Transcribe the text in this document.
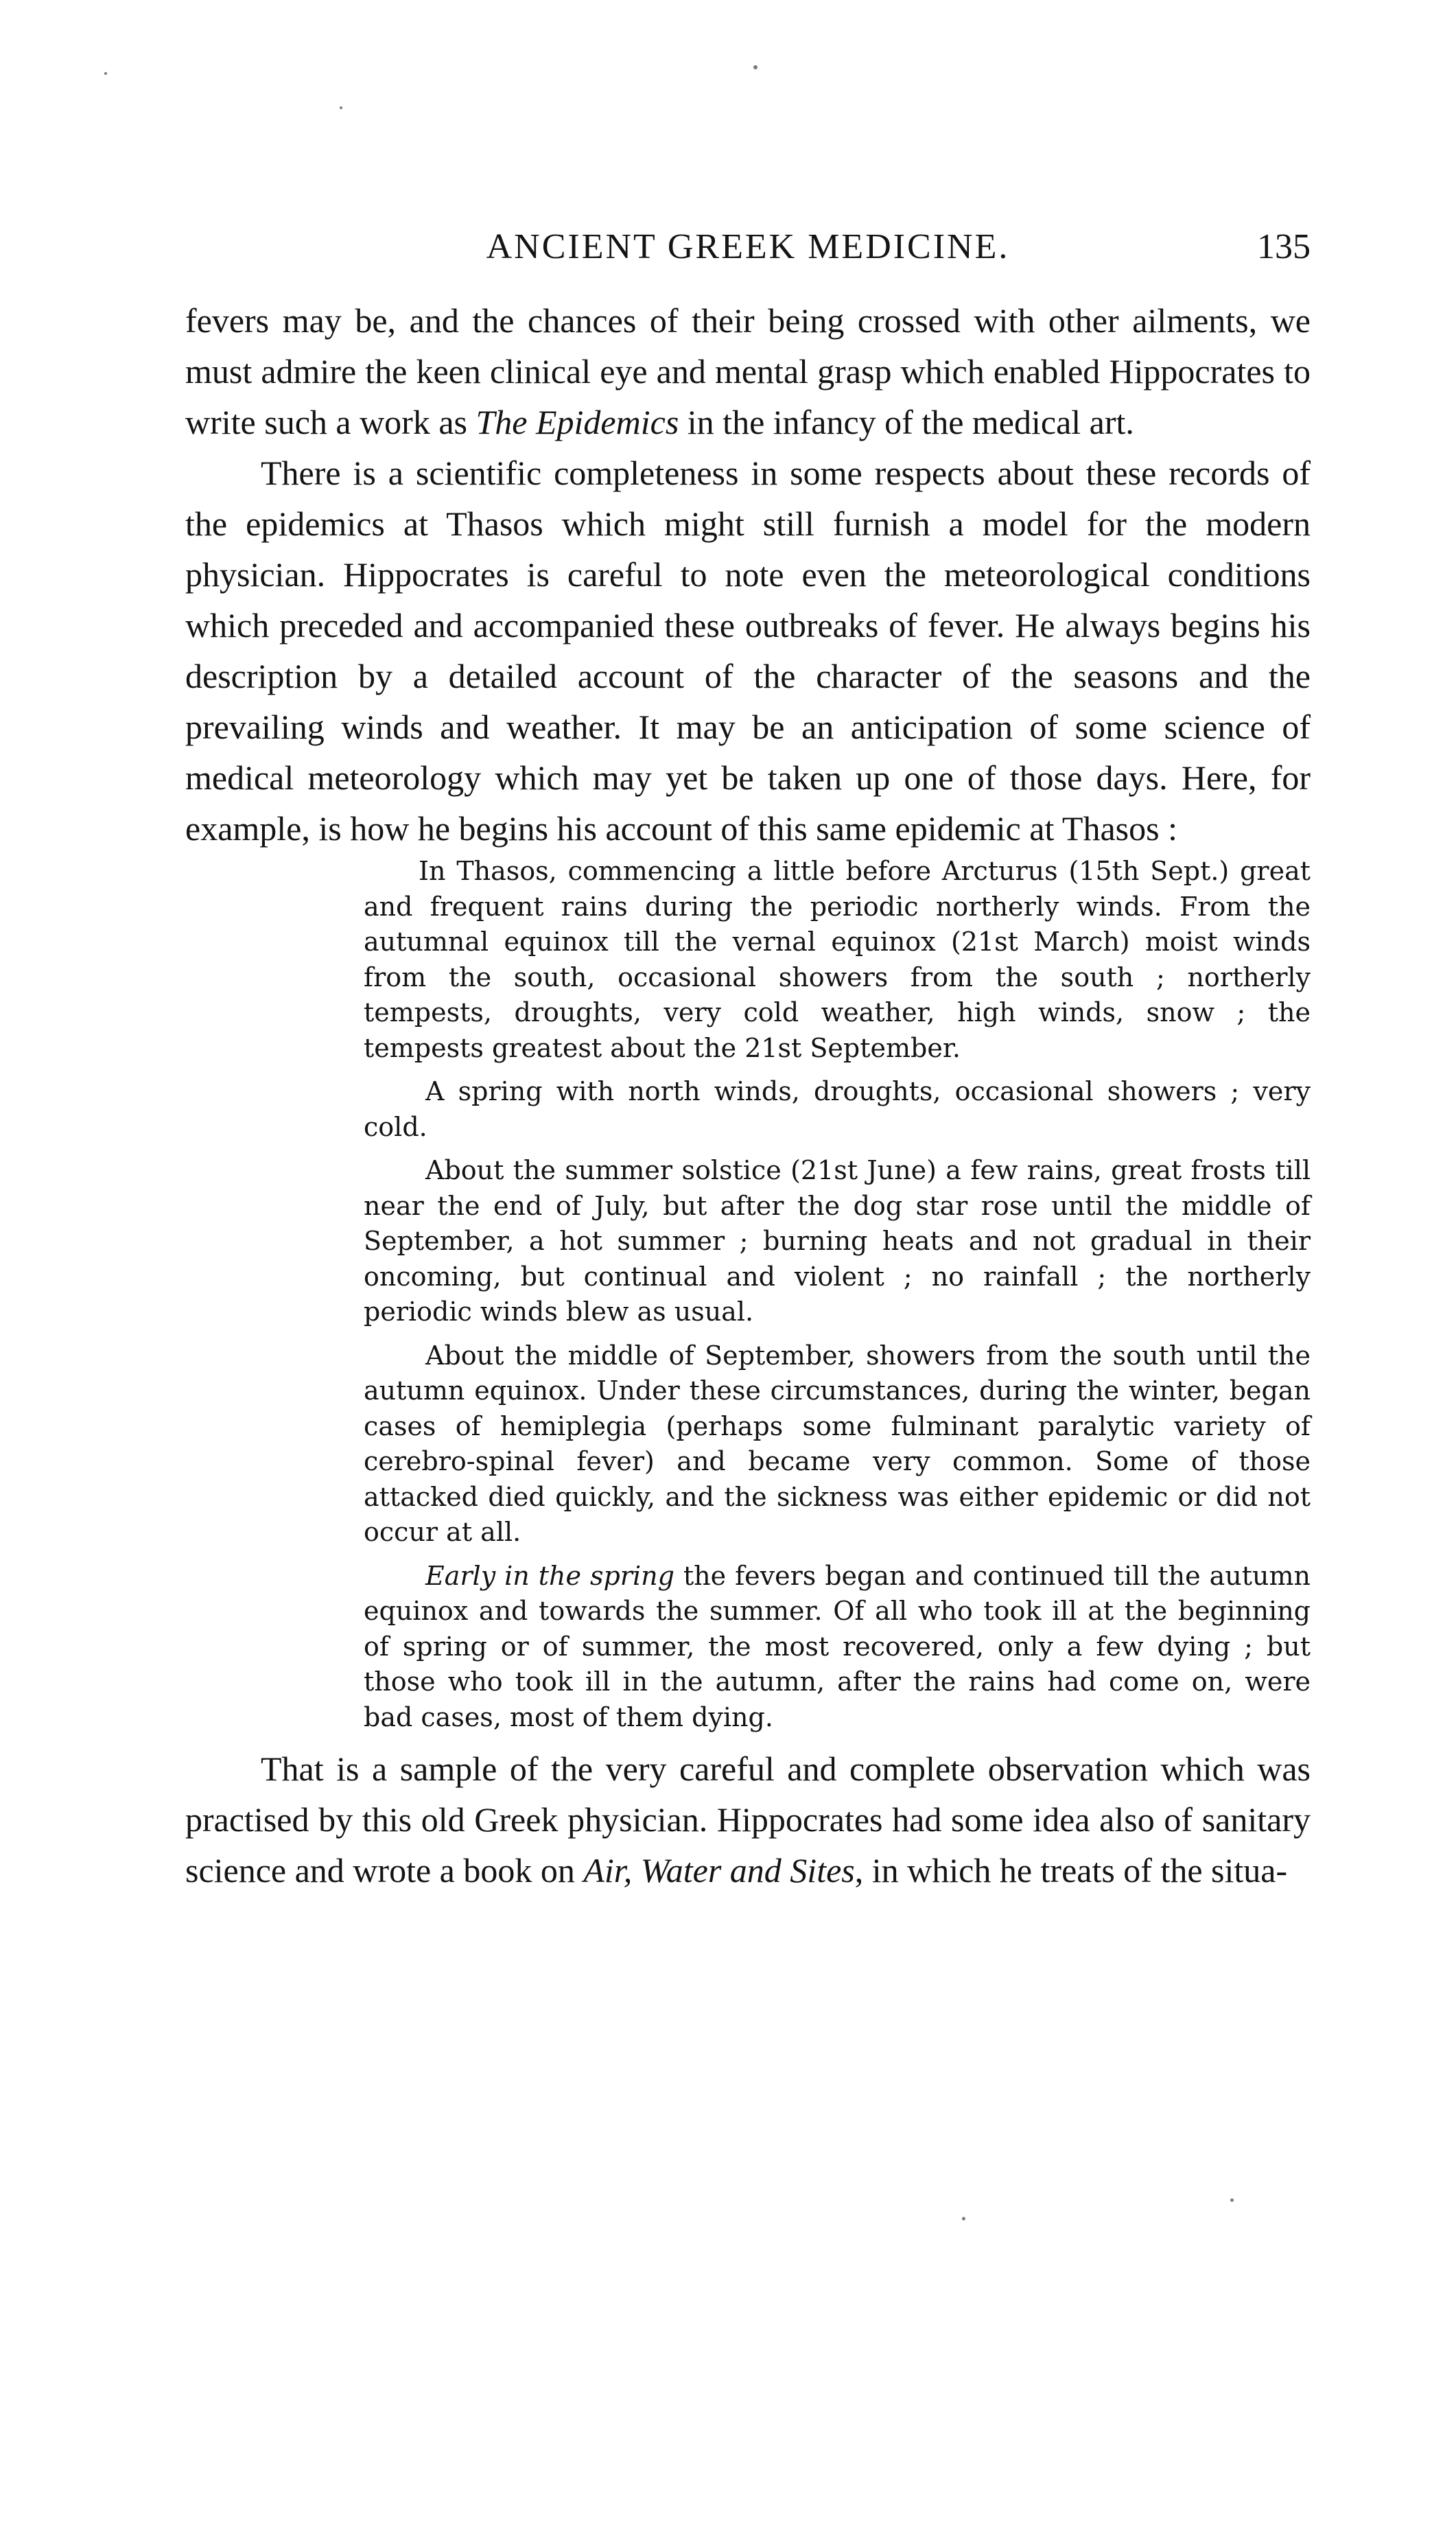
ANCIENT GREEK MEDICINE.	135

fevers may be, and the chances of their being crossed with other ailments, we must admire the keen clinical eye and mental grasp which enabled Hippocrates to write such a work as The Epidemics in the infancy of the medical art.

There is a scientific completeness in some respects about these records of the epidemics at Thasos which might still furnish a model for the modern physician. Hippocrates is careful to note even the meteorological conditions which preceded and accompanied these outbreaks of fever. He always begins his description by a detailed account of the character of the seasons and the prevailing winds and weather. It may be an anticipation of some science of medical meteorology which may yet be taken up one of those days. Here, for example, is how he begins his account of this same epidemic at Thasos :

In Thasos, commencing a little before Arcturus (15th Sept.) great and frequent rains during the periodic northerly winds. From the autumnal equinox till the vernal equinox (21st March) moist winds from the south, occasional showers from the south ; northerly tempests, droughts, very cold weather, high winds, snow ; the tempests greatest about the 21st September.

A spring with north winds, droughts, occasional showers ; very cold.

About the summer solstice (21st June) a few rains, great frosts till near the end of July, but after the dog star rose until the middle of September, a hot summer ; burning heats and not gradual in their oncoming, but continual and violent ; no rainfall ; the northerly periodic winds blew as usual.

About the middle of September, showers from the south until the autumn equinox. Under these circumstances, during the winter, began cases of hemiplegia (perhaps some fulminant paralytic variety of cerebro-spinal fever) and became very common. Some of those attacked died quickly, and the sickness was either epidemic or did not occur at all.

Early in the spring the fevers began and continued till the autumn equinox and towards the summer. Of all who took ill at the beginning of spring or of summer, the most recovered, only a few dying ; but those who took ill in the autumn, after the rains had come on, were bad cases, most of them dying.

That is a sample of the very careful and complete observation which was practised by this old Greek physician. Hippocrates had some idea also of sanitary science and wrote a book on Air, Water and Sites, in which he treats of the situa-
